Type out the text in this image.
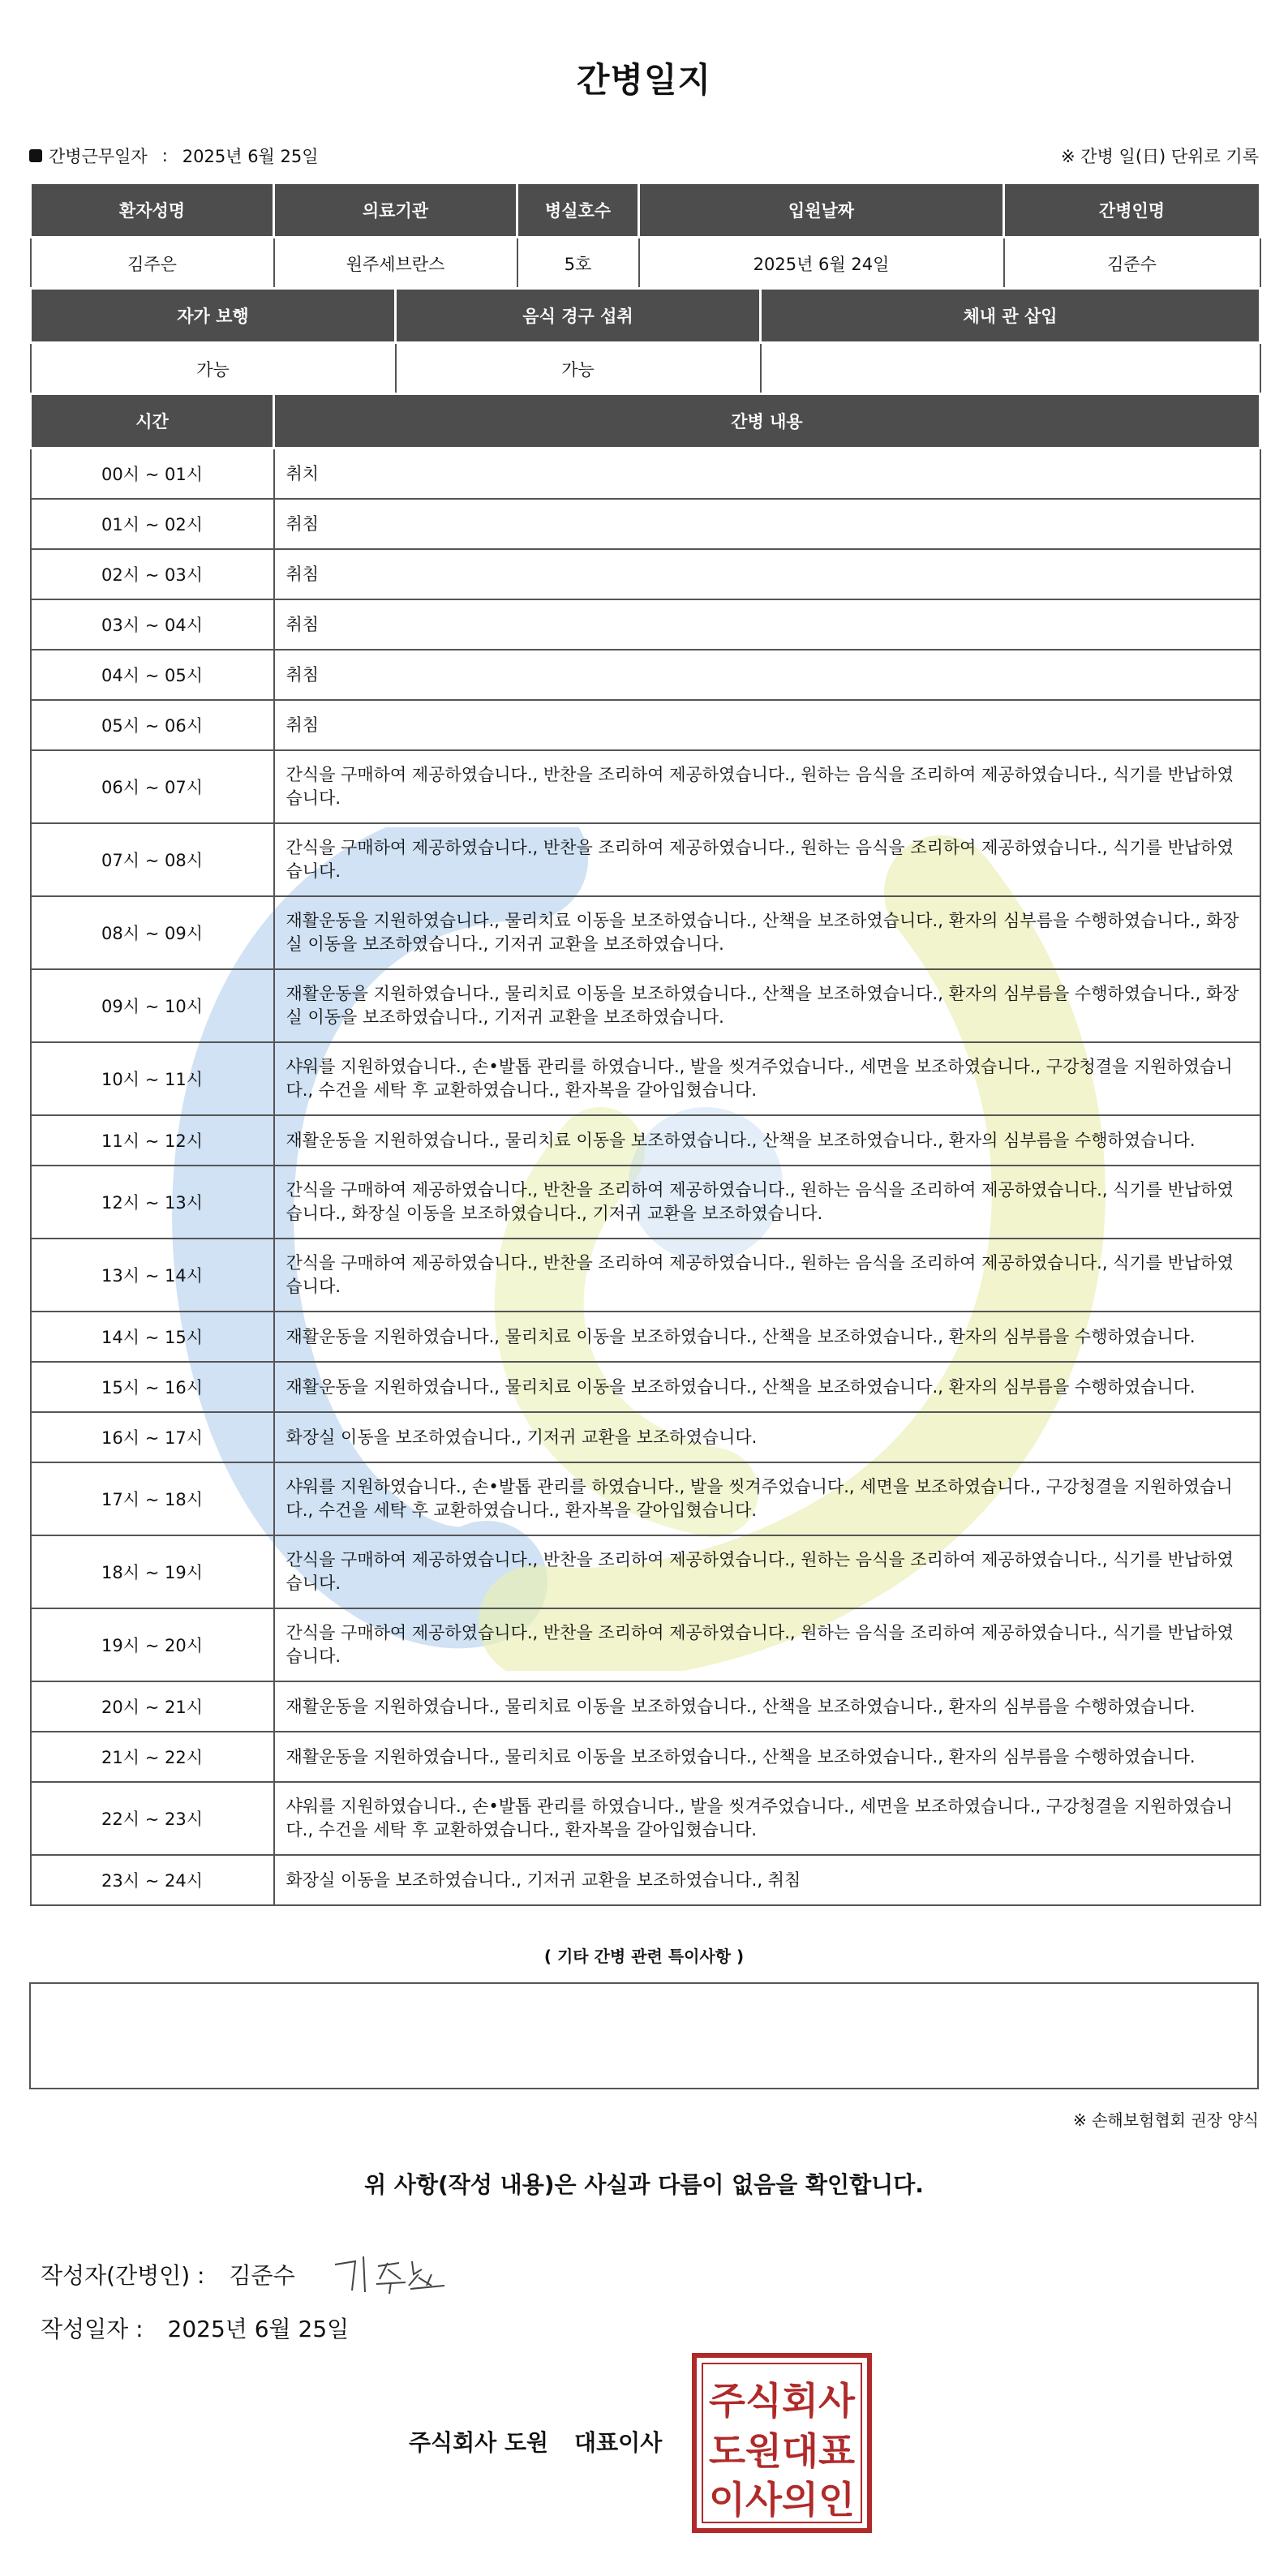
간병일지
간병근무일자 : 2025년 6월 25일	※ 간병 일(日) 단위로 기록
환자성명	의료기관	병실호수	입원날짜	간병인명
김주은	원주세브란스	5호	2025년 6월 24일	김준수
자가 보행	음식 경구 섭취	체내 관 삽입
가능	가능	
시간	간병 내용
00시 ~ 01시	취치
01시 ~ 02시	취침
02시 ~ 03시	취침
03시 ~ 04시	취침
04시 ~ 05시	취침
05시 ~ 06시	취침
06시 ~ 07시	간식을 구매하여 제공하였습니다., 반찬을 조리하여 제공하였습니다., 원하는 음식을 조리하여 제공하였습니다., 식기를 반납하였습니다.
07시 ~ 08시	간식을 구매하여 제공하였습니다., 반찬을 조리하여 제공하였습니다., 원하는 음식을 조리하여 제공하였습니다., 식기를 반납하였습니다.
08시 ~ 09시	재활운동을 지원하였습니다., 물리치료 이동을 보조하였습니다., 산책을 보조하였습니다., 환자의 심부름을 수행하였습니다., 화장실 이동을 보조하였습니다., 기저귀 교환을 보조하였습니다.
09시 ~ 10시	재활운동을 지원하였습니다., 물리치료 이동을 보조하였습니다., 산책을 보조하였습니다., 환자의 심부름을 수행하였습니다., 화장실 이동을 보조하였습니다., 기저귀 교환을 보조하였습니다.
10시 ~ 11시	샤워를 지원하였습니다., 손•발톱 관리를 하였습니다., 발을 씻겨주었습니다., 세면을 보조하였습니다., 구강청결을 지원하였습니다., 수건을 세탁 후 교환하였습니다., 환자복을 갈아입혔습니다.
11시 ~ 12시	재활운동을 지원하였습니다., 물리치료 이동을 보조하였습니다., 산책을 보조하였습니다., 환자의 심부름을 수행하였습니다.
12시 ~ 13시	간식을 구매하여 제공하였습니다., 반찬을 조리하여 제공하였습니다., 원하는 음식을 조리하여 제공하였습니다., 식기를 반납하였습니다., 화장실 이동을 보조하였습니다., 기저귀 교환을 보조하였습니다.
13시 ~ 14시	간식을 구매하여 제공하였습니다., 반찬을 조리하여 제공하였습니다., 원하는 음식을 조리하여 제공하였습니다., 식기를 반납하였습니다.
14시 ~ 15시	재활운동을 지원하였습니다., 물리치료 이동을 보조하였습니다., 산책을 보조하였습니다., 환자의 심부름을 수행하였습니다.
15시 ~ 16시	재활운동을 지원하였습니다., 물리치료 이동을 보조하였습니다., 산책을 보조하였습니다., 환자의 심부름을 수행하였습니다.
16시 ~ 17시	화장실 이동을 보조하였습니다., 기저귀 교환을 보조하였습니다.
17시 ~ 18시	샤워를 지원하였습니다., 손•발톱 관리를 하였습니다., 발을 씻겨주었습니다., 세면을 보조하였습니다., 구강청결을 지원하였습니다., 수건을 세탁 후 교환하였습니다., 환자복을 갈아입혔습니다.
18시 ~ 19시	간식을 구매하여 제공하였습니다., 반찬을 조리하여 제공하였습니다., 원하는 음식을 조리하여 제공하였습니다., 식기를 반납하였습니다.
19시 ~ 20시	간식을 구매하여 제공하였습니다., 반찬을 조리하여 제공하였습니다., 원하는 음식을 조리하여 제공하였습니다., 식기를 반납하였습니다.
20시 ~ 21시	재활운동을 지원하였습니다., 물리치료 이동을 보조하였습니다., 산책을 보조하였습니다., 환자의 심부름을 수행하였습니다.
21시 ~ 22시	재활운동을 지원하였습니다., 물리치료 이동을 보조하였습니다., 산책을 보조하였습니다., 환자의 심부름을 수행하였습니다.
22시 ~ 23시	샤워를 지원하였습니다., 손•발톱 관리를 하였습니다., 발을 씻겨주었습니다., 세면을 보조하였습니다., 구강청결을 지원하였습니다., 수건을 세탁 후 교환하였습니다., 환자복을 갈아입혔습니다.
23시 ~ 24시	화장실 이동을 보조하였습니다., 기저귀 교환을 보조하였습니다., 취침
( 기타 간병 관련 특이사항 )
※ 손해보험협회 권장 양식
위 사항(작성 내용)은 사실과 다름이 없음을 확인합니다.
작성자(간병인) : 김준수
작성일자 : 2025년 6월 25일
주식회사 도원 대표이사
주식회사
도원대표
이사의인
